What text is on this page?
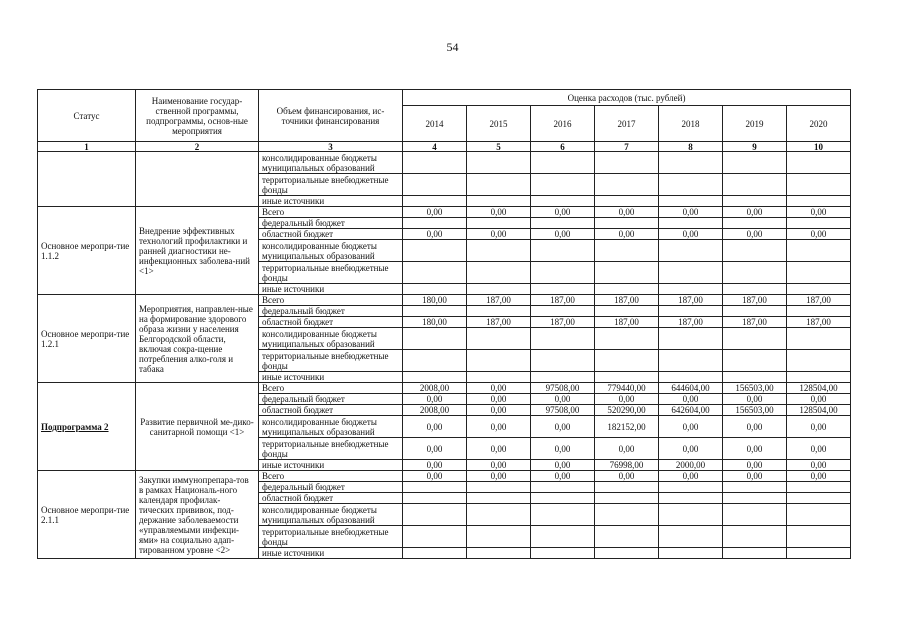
54
Статус	Наименование государ-ственной программы, подпрограммы, основ-ные мероприятия	Объем финансирования, ис-точники финансирования	Оценка расходов (тыс. рублей)						
			2014	2015	2016	2017	2018	2019	2020
1	2	3	4	5	6	7	8	9	10
		консолидированные бюджеты муниципальных образований							
		территориальные внебюджетные фонды							
		иные источники							
Основное меропри-тие 1.1.2	Внедрение эффективных технологий профилактики и ранней диагностики не-инфекционных заболева-ний <1>	Всего	0,00	0,00	0,00	0,00	0,00	0,00	0,00
		федеральный бюджет							
		областной бюджет	0,00	0,00	0,00	0,00	0,00	0,00	0,00
		консолидированные бюджеты муниципальных образований							
		территориальные внебюджетные фонды							
		иные источники							
Основное меропри-тие 1.2.1	Мероприятия, направлен-ные на формирование здорового образа жизни у населения Белгородской области, включая сокра-щение потребления алко-голя и табака	Всего	180,00	187,00	187,00	187,00	187,00	187,00	187,00
		федеральный бюджет							
		областной бюджет	180,00	187,00	187,00	187,00	187,00	187,00	187,00
		консолидированные бюджеты муниципальных образований							
		территориальные внебюджетные фонды							
		иные источники							
Подпрограмма 2	Развитие первичной ме-дико-санитарной помощи <1>	Всего	2008,00	0,00	97508,00	779440,00	644604,00	156503,00	128504,00
		федеральный бюджет	0,00	0,00	0,00	0,00	0,00	0,00	0,00
		областной бюджет	2008,00	0,00	97508,00	520290,00	642604,00	156503,00	128504,00
		консолидированные бюджеты муниципальных образований	0,00	0,00	0,00	182152,00	0,00	0,00	0,00
		территориальные внебюджетные фонды	0,00	0,00	0,00	0,00	0,00	0,00	0,00
		иные источники	0,00	0,00	0,00	76998,00	2000,00	0,00	0,00
Основное меропри-тие 2.1.1	Закупки иммунопрепара-тов в рамках Националь-ного календаря профилак-тических прививок, под-держание заболеваемости «управляемыми инфекци-ями» на социально адап-тированном уровне <2>	Всего	0,00	0,00	0,00	0,00	0,00	0,00	0,00
		федеральный бюджет							
		областной бюджет							
		консолидированные бюджеты муниципальных образований							
		территориальные внебюджетные фонды							
		иные источники							
